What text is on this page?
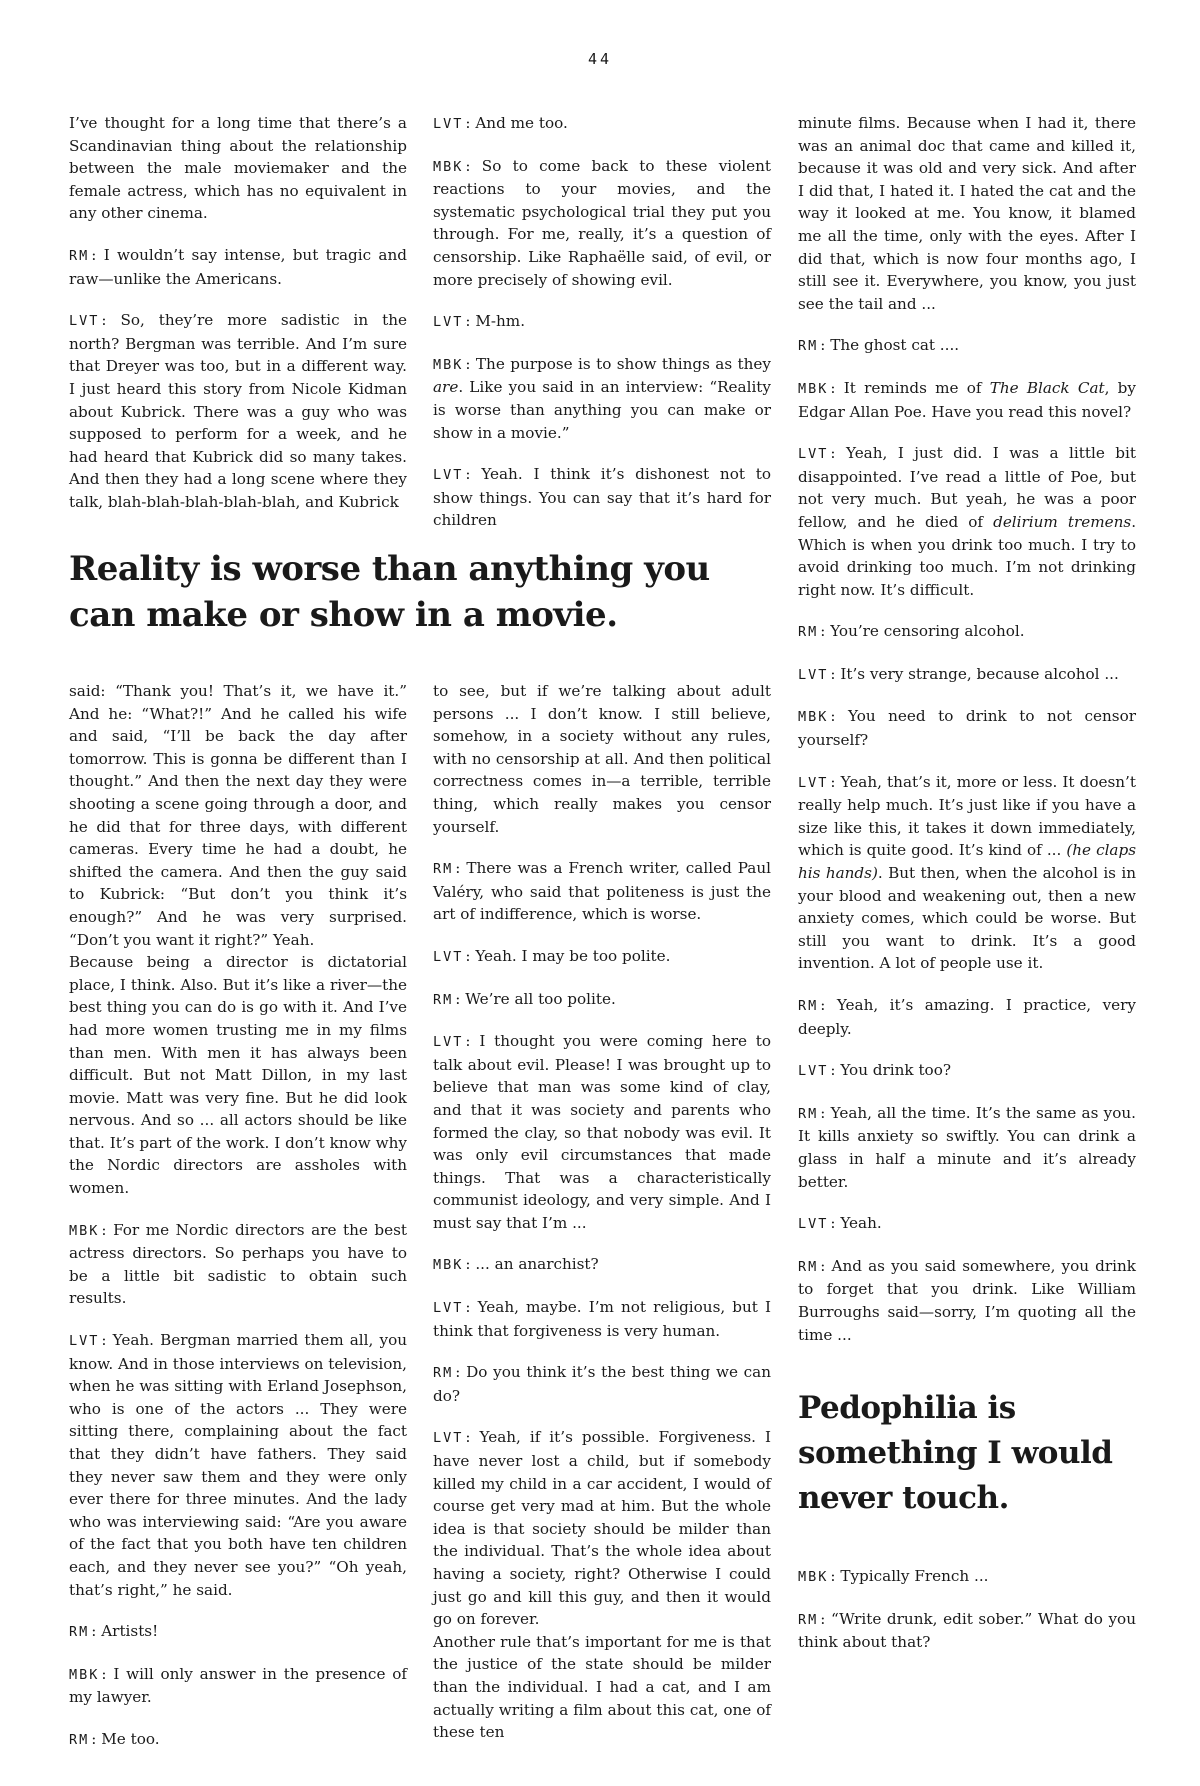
44

I’ve thought for a long time that there’s a Scandinavian thing about the relationship between the male moviemaker and the female actress, which has no equivalent in any other cinema.

RM : I wouldn’t say intense, but tragic and raw—unlike the Americans.

LVT : So, they’re more sadistic in the north? Bergman was terrible. And I’m sure that Dreyer was too, but in a different way. I just heard this story from Nicole Kidman about Kubrick. There was a guy who was supposed to perform for a week, and he had heard that Kubrick did so many takes. And then they had a long scene where they talk, blah-blah-blah-blah-blah, and Kubrick

LVT : And me too.

MBK : So to come back to these violent reactions to your movies, and the systematic psychological trial they put you through. For me, really, it’s a question of censorship. Like Raphaëlle said, of evil, or more precisely of showing evil.

LVT : M-hm.

MBK : The purpose is to show things as they are. Like you said in an interview: “Reality is worse than anything you can make or show in a movie.”

LVT : Yeah. I think it’s dishonest not to show things. You can say that it’s hard for children

Reality is worse than anything you can make or show in a movie.

said: “Thank you! That’s it, we have it.” And he: “What?!” And he called his wife and said, “I’ll be back the day after tomorrow. This is gonna be different than I thought.” And then the next day they were shooting a scene going through a door, and he did that for three days, with different cameras. Every time he had a doubt, he shifted the camera. And then the guy said to Kubrick: “But don’t you think it’s enough?” And he was very surprised. “Don’t you want it right?” Yeah.

Because being a director is dictatorial place, I think. Also. But it’s like a river—the best thing you can do is go with it. And I’ve had more women trusting me in my films than men. With men it has always been difficult. But not Matt Dillon, in my last movie. Matt was very fine. But he did look nervous. And so ... all actors should be like that. It’s part of the work. I don’t know why the Nordic directors are assholes with women.

MBK : For me Nordic directors are the best actress directors. So perhaps you have to be a little bit sadistic to obtain such results.

LVT : Yeah. Bergman married them all, you know. And in those interviews on television, when he was sitting with Erland Josephson, who is one of the actors ... They were sitting there, complaining about the fact that they didn’t have fathers. They said they never saw them and they were only ever there for three minutes. And the lady who was interviewing said: “Are you aware of the fact that you both have ten children each, and they never see you?” “Oh yeah, that’s right,” he said.

RM : Artists!

MBK : I will only answer in the presence of my lawyer.

RM : Me too.

to see, but if we’re talking about adult persons ... I don’t know. I still believe, somehow, in a society without any rules, with no censorship at all. And then political correctness comes in—a terrible, terrible thing, which really makes you censor yourself.

RM : There was a French writer, called Paul Valéry, who said that politeness is just the art of indifference, which is worse.

LVT : Yeah. I may be too polite.

RM : We’re all too polite.

LVT : I thought you were coming here to talk about evil. Please! I was brought up to believe that man was some kind of clay, and that it was society and parents who formed the clay, so that nobody was evil. It was only evil circumstances that made things. That was a characteristically communist ideology, and very simple. And I must say that I’m ...

MBK : ... an anarchist?

LVT : Yeah, maybe. I’m not religious, but I think that forgiveness is very human.

RM : Do you think it’s the best thing we can do?

LVT : Yeah, if it’s possible. Forgiveness. I have never lost a child, but if somebody killed my child in a car accident, I would of course get very mad at him. But the whole idea is that society should be milder than the individual. That’s the whole idea about having a society, right? Otherwise I could just go and kill this guy, and then it would go on forever.

Another rule that’s important for me is that the justice of the state should be milder than the individual. I had a cat, and I am actually writing a film about this cat, one of these ten

minute films. Because when I had it, there was an animal doc that came and killed it, because it was old and very sick. And after I did that, I hated it. I hated the cat and the way it looked at me. You know, it blamed me all the time, only with the eyes. After I did that, which is now four months ago, I still see it. Everywhere, you know, you just see the tail and ...

RM : The ghost cat ....

MBK : It reminds me of The Black Cat, by Edgar Allan Poe. Have you read this novel?

LVT : Yeah, I just did. I was a little bit disappointed. I’ve read a little of Poe, but not very much. But yeah, he was a poor fellow, and he died of delirium tremens. Which is when you drink too much. I try to avoid drinking too much. I’m not drinking right now. It’s difficult.

RM : You’re censoring alcohol.

LVT : It’s very strange, because alcohol ...

MBK : You need to drink to not censor yourself?

LVT : Yeah, that’s it, more or less. It doesn’t really help much. It’s just like if you have a size like this, it takes it down immediately, which is quite good. It’s kind of ... (he claps his hands). But then, when the alcohol is in your blood and weakening out, then a new anxiety comes, which could be worse. But still you want to drink. It’s a good invention. A lot of people use it.

RM : Yeah, it’s amazing. I practice, very deeply.

LVT : You drink too?

RM : Yeah, all the time. It’s the same as you. It kills anxiety so swiftly. You can drink a glass in half a minute and it’s already better.

LVT : Yeah.

RM : And as you said somewhere, you drink to forget that you drink. Like William Burroughs said—sorry, I’m quoting all the time ...

Pedophilia is something I would never touch.

MBK : Typically French ...

RM : “Write drunk, edit sober.” What do you think about that?
